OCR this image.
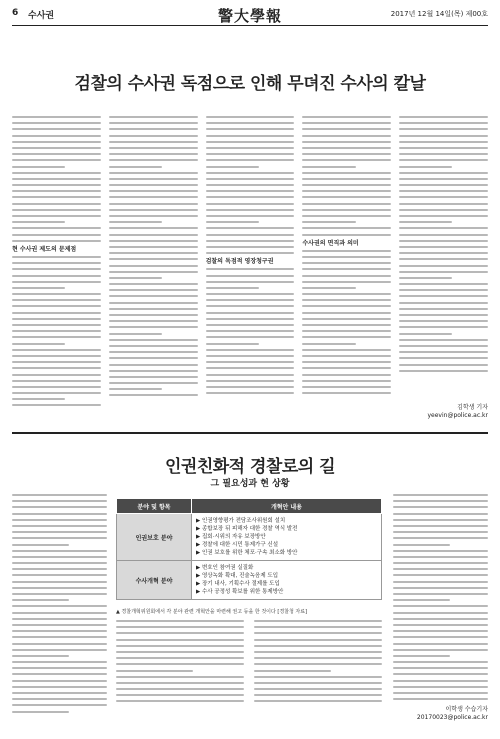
6 수사권	警大學報	2017년 12월 14일(목) 제00호
검찰의 수사권 독점으로 인해 무뎌진 수사의 칼날
현 수사권 제도의 문제점
검찰의 독점적 영장청구권
수사권의 면직과 의미
김학생 기자
yeevin@police.ac.kr
인권친화적 경찰로의 길
그 필요성과 현 상황
분야 및 항목	개혁안 내용
인권보호 분야	▶ 인권영향평가 전담조사위원회 설치
▶ 종합보장 뒤 피해자 대한 경찰 역식 발전
▶ 집회·시위의 자유 보장방안
▶ 경찰에 대한 시민 통제가구 신설
▶ 인권 보호를 위한 체포·구속 최소화 방안

수사개혁 분야	▶ 변호인 참여권 실질화
▶ 영상녹화 확대, 진술녹음제 도입
▶ 장기 내사, 기획수사 절제를 도입
▶ 수사 공정성 확보를 위한 통제방안
▲ 경찰개혁위원회에서 각 분야 관련 개혁안을 마련해 권고 등을 한 것이다 [경찰청 자료]
이학생 수습기자
20170023@police.ac.kr
